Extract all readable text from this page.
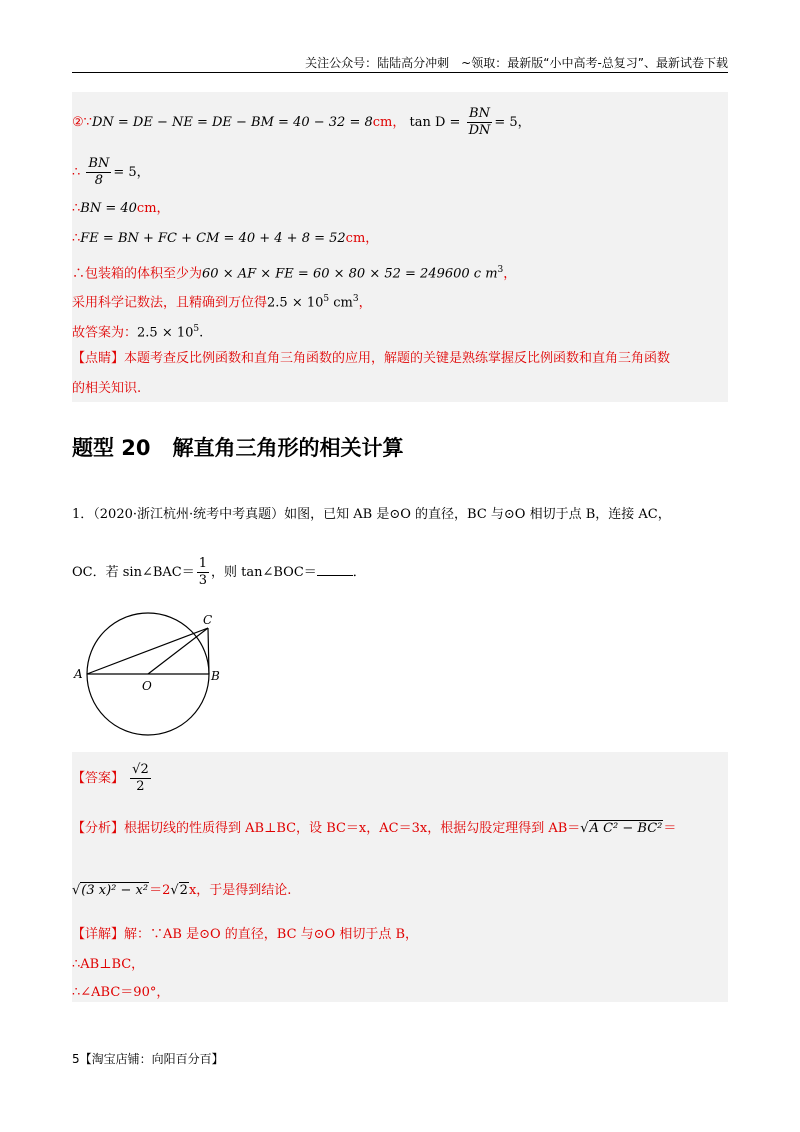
关注公众号：陆陆高分冲刺　~领取：最新版“小中高考-总复习”、最新试卷下载
②∵DN = DE − NE = DE − BM = 40 − 32 = 8cm， $\tan D = \frac{BN}{DN} = 5$，
∴ $\frac{BN}{8} = 5$，
∴BN = 40cm，
∴FE = BN + FC + CM = 40 + 4 + 8 = 52cm，
∴包装箱的体积至少为60 × AF × FE = 60 × 80 × 52 = 249600 c $m^3$，
采用科学记数法，且精确到万位得$2.5 \times 10^5$ $cm^3$，
故答案为：$2.5 \times 10^5$.
【点睛】本题考查反比例函数和直角三角函数的应用，解题的关键是熟练掌握反比例函数和直角三角函数
的相关知识.
题型 20 解直角三角形的相关计算
1．（2020·浙江杭州·统考中考真题）如图，已知 AB 是⊙O 的直径，BC 与⊙O 相切于点 B，连接 AC，
OC．若 sin∠BAC＝ $\frac{1}{3}$ ，则 tan∠BOC＝	．
A	B
C
O
【答案】 $\frac{√2}{2}$
【分析】根据切线的性质得到 AB⊥BC，设 BC＝x，AC＝3x，根据勾股定理得到 AB＝√A C² − BC²＝
√(3 x)² − x²＝2√2x，于是得到结论.
【详解】解：∵AB 是⊙O 的直径，BC 与⊙O 相切于点 B，
∴AB⊥BC，
∴∠ABC＝90°，
5【淘宝店铺：向阳百分百】
